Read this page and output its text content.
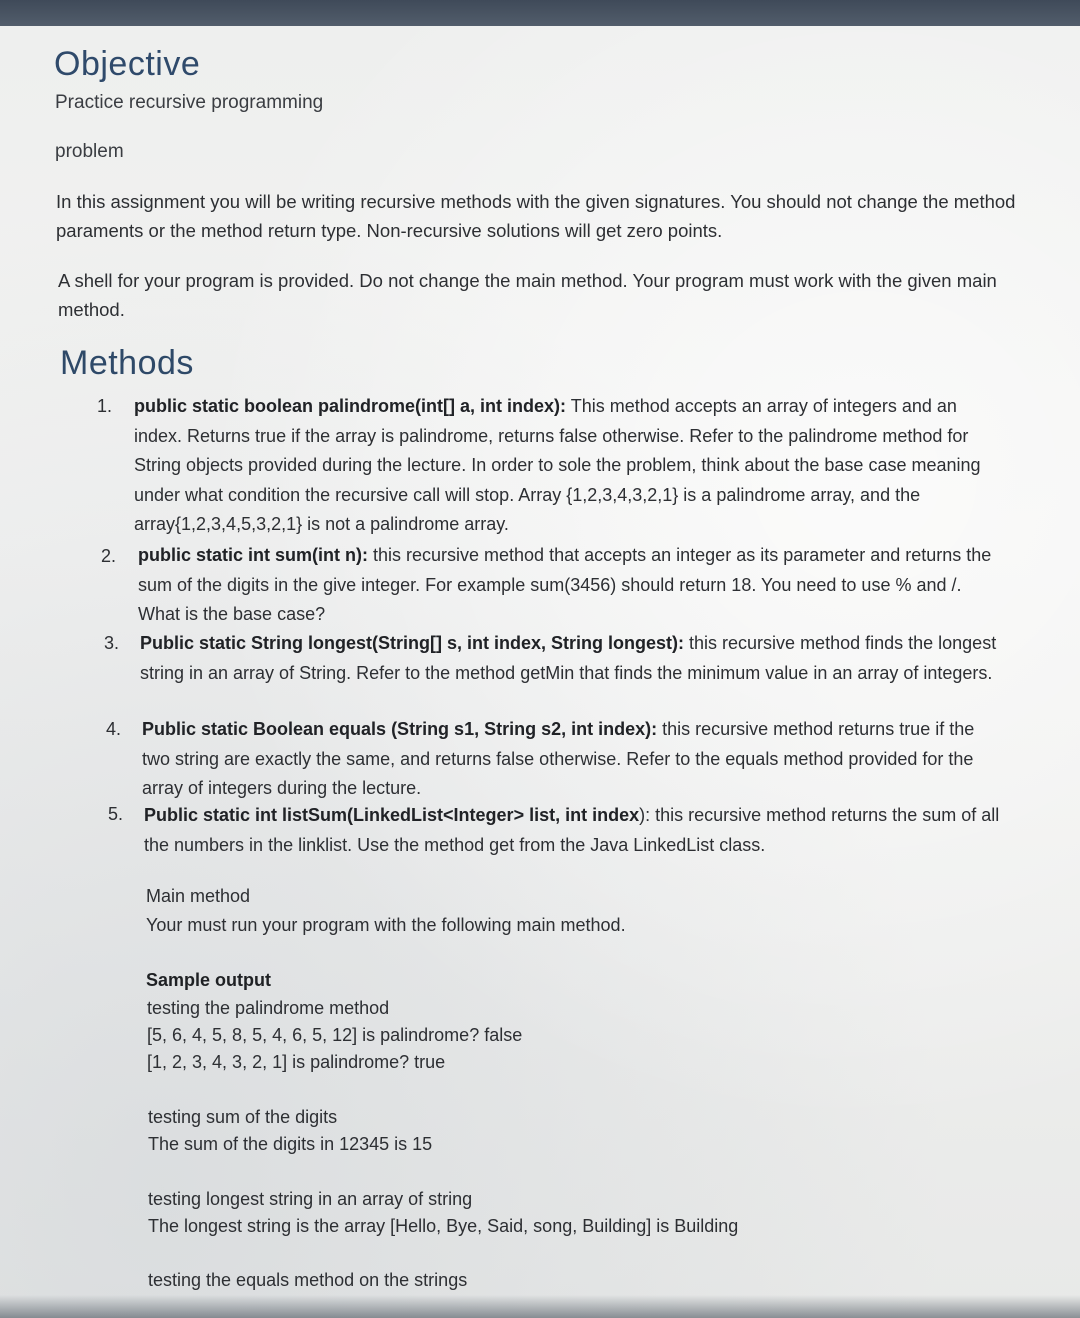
Objective
Practice recursive programming
problem
In this assignment you will be writing recursive methods with the given signatures. You should not change the method paraments or the method return type. Non-recursive solutions will get zero points.
A shell for your program is provided. Do not change the main method. Your program must work with the given main method.
Methods
1. public static boolean palindrome(int[] a, int index): This method accepts an array of integers and an index. Returns true if the array is palindrome, returns false otherwise. Refer to the palindrome method for String objects provided during the lecture. In order to sole the problem, think about the base case meaning under what condition the recursive call will stop. Array {1,2,3,4,3,2,1} is a palindrome array, and the array{1,2,3,4,5,3,2,1} is not a palindrome array.
2. public static int sum(int n): this recursive method that accepts an integer as its parameter and returns the sum of the digits in the give integer. For example sum(3456) should return 18. You need to use % and /. What is the base case?
3. Public static String longest(String[] s, int index, String longest): this recursive method finds the longest string in an array of String. Refer to the method getMin that finds the minimum value in an array of integers.
4. Public static Boolean equals (String s1, String s2, int index): this recursive method returns true if the two string are exactly the same, and returns false otherwise. Refer to the equals method provided for the array of integers during the lecture.
5. Public static int listSum(LinkedList<Integer> list, int index): this recursive method returns the sum of all the numbers in the linklist. Use the method get from the Java LinkedList class.
Main method
Your must run your program with the following main method.
Sample output
testing the palindrome method
[5, 6, 4, 5, 8, 5, 4, 6, 5, 12] is palindrome? false
[1, 2, 3, 4, 3, 2, 1] is palindrome? true
testing sum of the digits
The sum of the digits in 12345 is 15
testing longest string in an array of string
The longest string is the array [Hello, Bye, Said, song, Building] is Building
testing the equals method on the strings
